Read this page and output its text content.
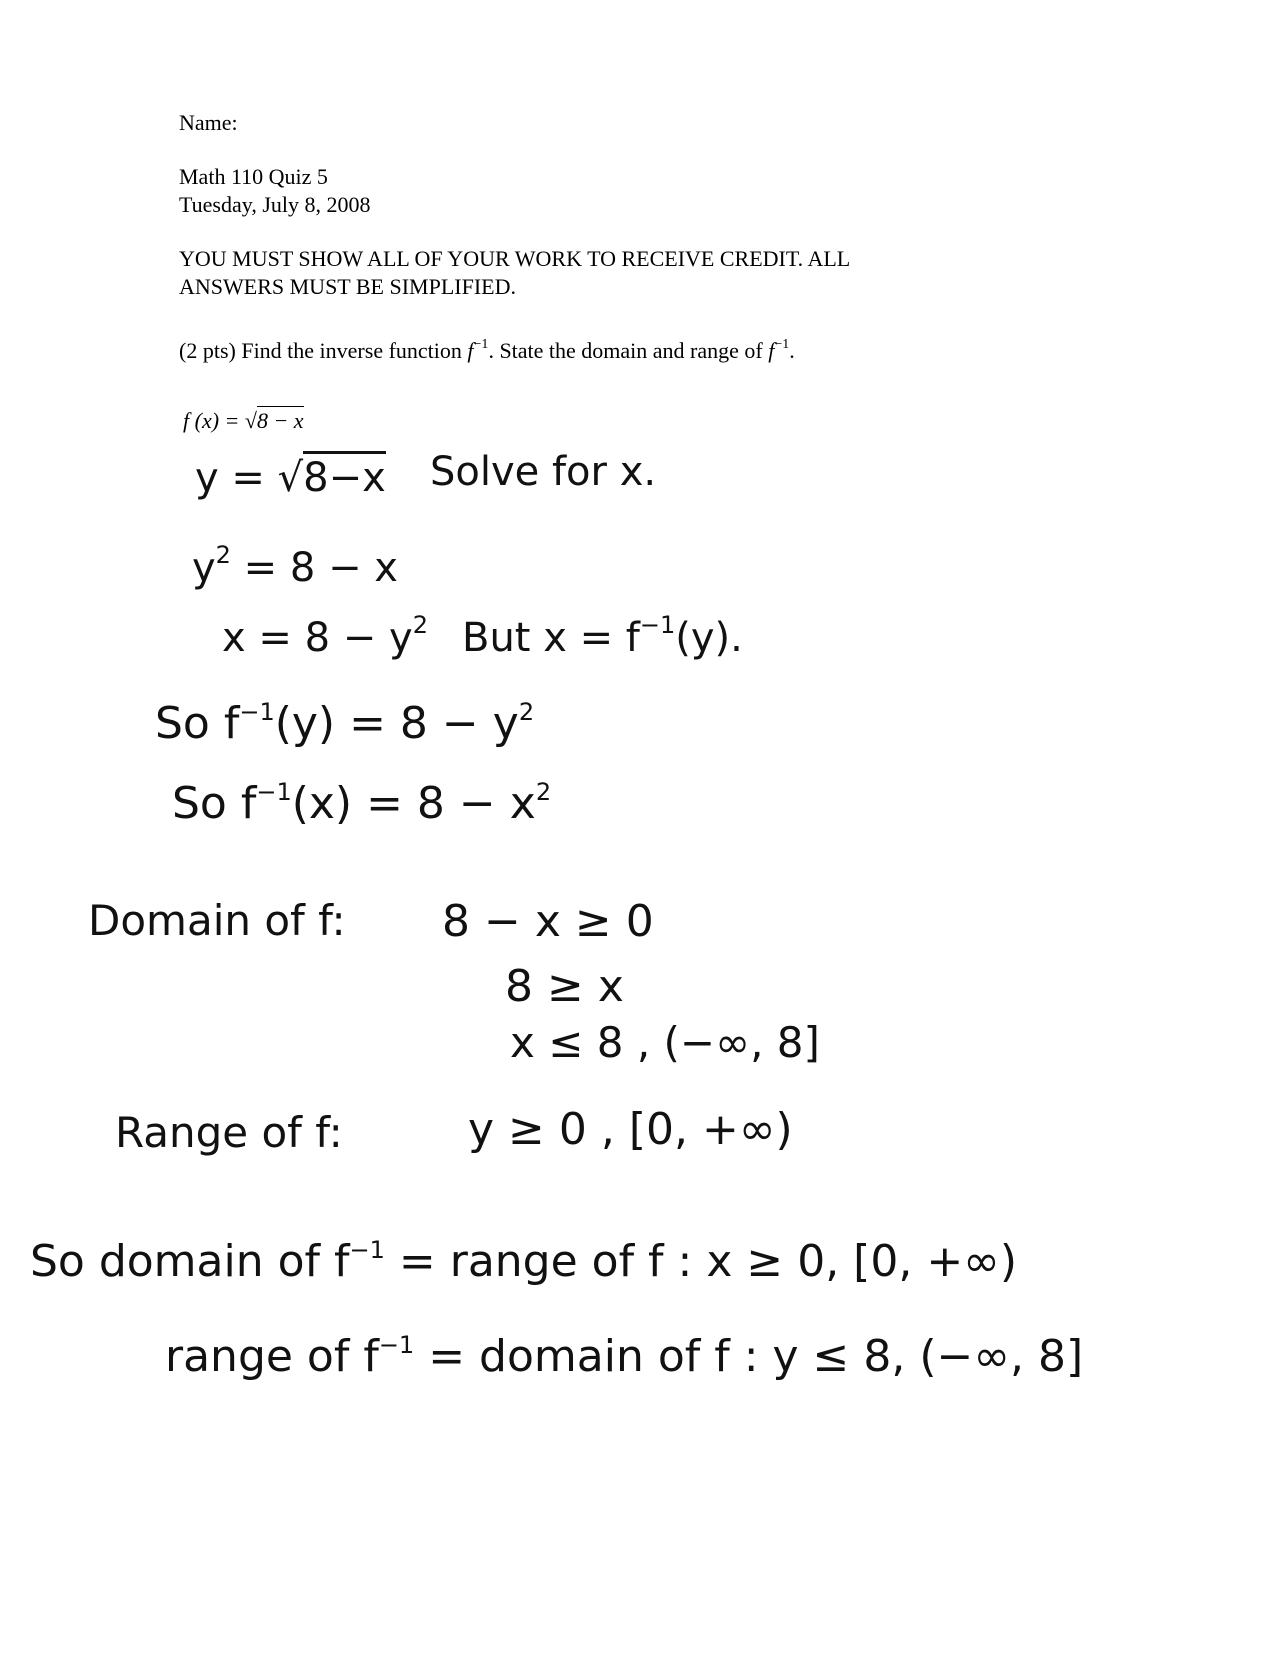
Name:
Math 110 Quiz 5
Tuesday, July 8, 2008
YOU MUST SHOW ALL OF YOUR WORK TO RECEIVE CREDIT. ALL
ANSWERS MUST BE SIMPLIFIED.
(2 pts) Find the inverse function $f^{-1}$. State the domain and range of $f^{-1}$.
f (x) = √8 − x
y = √8−x Solve for x.
$y^2 = 8 - x$
$x = 8 - y^2$ But $x = f^{-1}(y)$.
So $f^{-1}(y) = 8 - y^2$
So $f^{-1}(x) = 8 - x^2$
Domain of f: 8 − x ≥ 0
8 ≥ x
x ≤ 8 , (−∞, 8]
Range of f:	y ≥ 0 , [0, +∞)
So domain of $f^{-1}$ = range of f : x ≥ 0, [0, +∞)
range of $f^{-1}$ = domain of f : y ≤ 8, (−∞, 8]
